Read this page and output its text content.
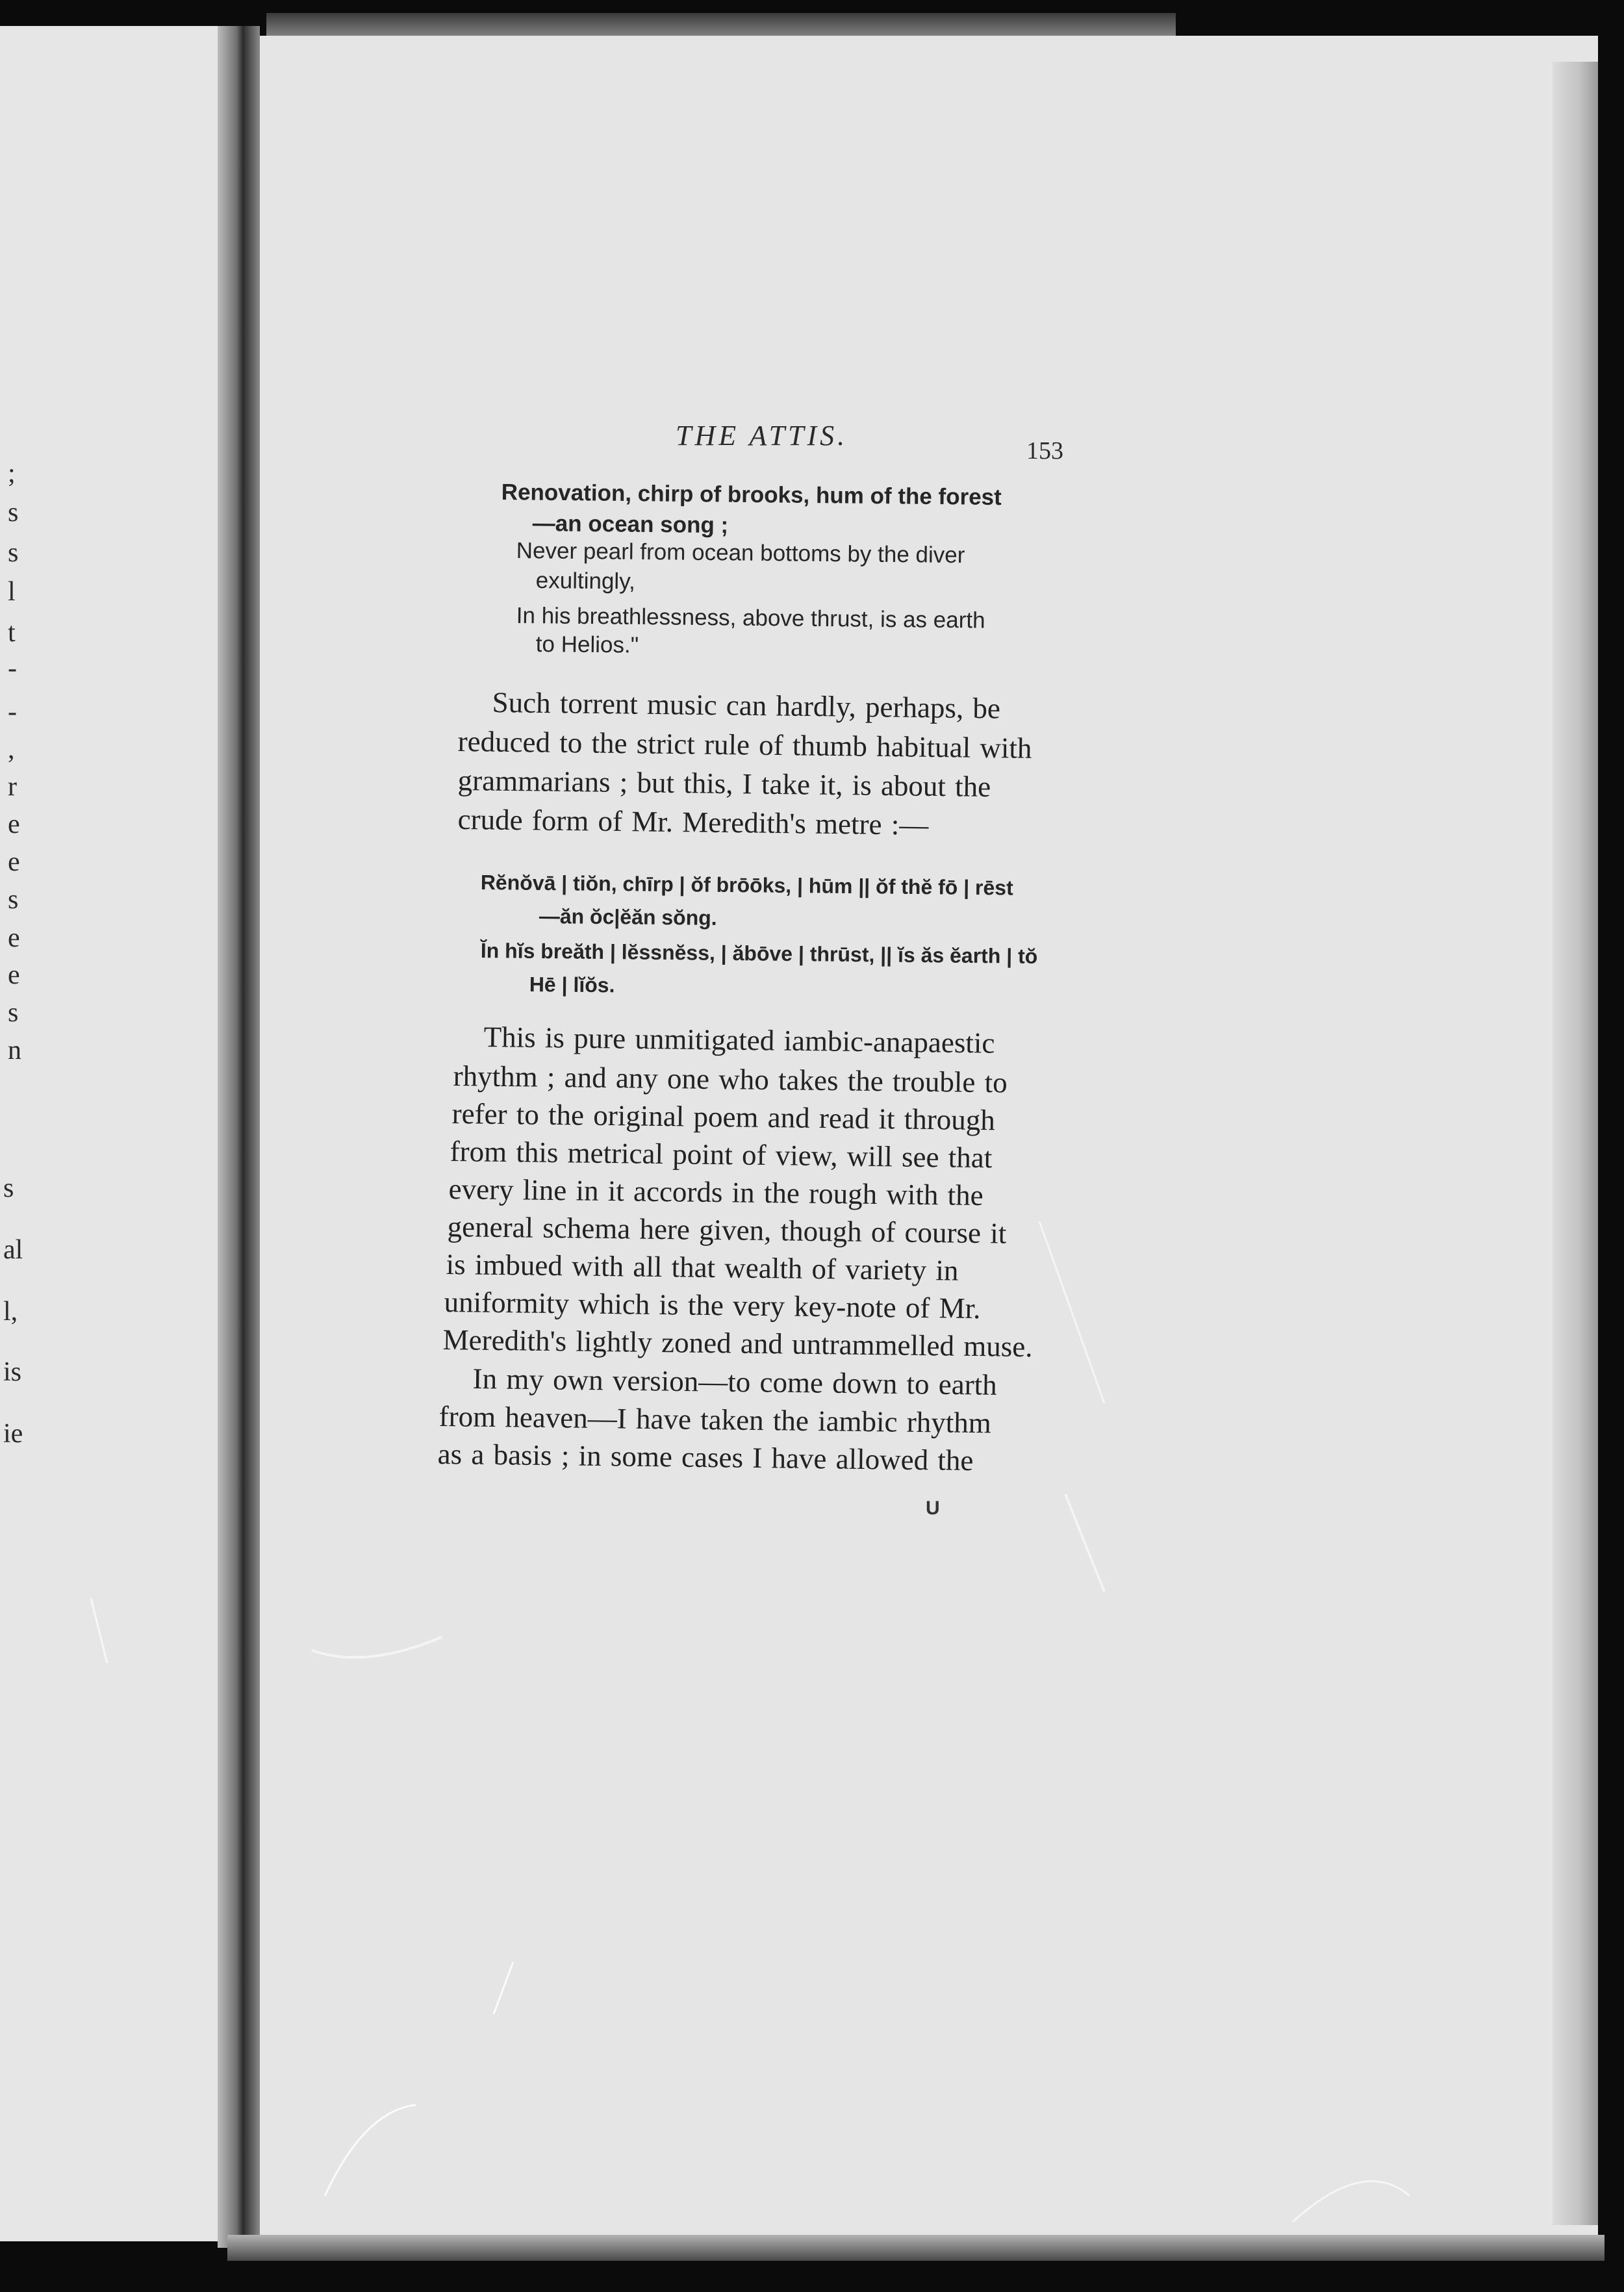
;
s
s
l
t
-
-
,
r
e
e
s
e
e
s
n
s
al
l,
is
ie
THE ATTIS.	153
Renovation, chirp of brooks, hum of the forest
—an ocean song ;
Never pearl from ocean bottoms by the diver
exultingly,
In his breathlessness, above thrust, is as earth
to Helios."
Such torrent music can hardly, perhaps, be
reduced to the strict rule of thumb habitual with
grammarians ; but this, I take it, is about the
crude form of Mr. Meredith's metre :—
Rĕnŏvā | tiŏn, chīrp | ŏf brōōks, | hūm || ŏf thĕ fō | rēst
—ăn ŏc|ĕăn sŏng.
Ĭn hĭs breăth | lĕssnĕss, | ăbōve | thrūst, || ĭs ăs ĕarth | tŏ
Hē | lĭŏs.
This is pure unmitigated iambic-anapaestic
rhythm ; and any one who takes the trouble to
refer to the original poem and read it through
from this metrical point of view, will see that
every line in it accords in the rough with the
general schema here given, though of course it
is imbued with all that wealth of variety in
uniformity which is the very key-note of Mr.
Meredith's lightly zoned and untrammelled muse.
In my own version—to come down to earth
from heaven—I have taken the iambic rhythm
as a basis ; in some cases I have allowed the
U
